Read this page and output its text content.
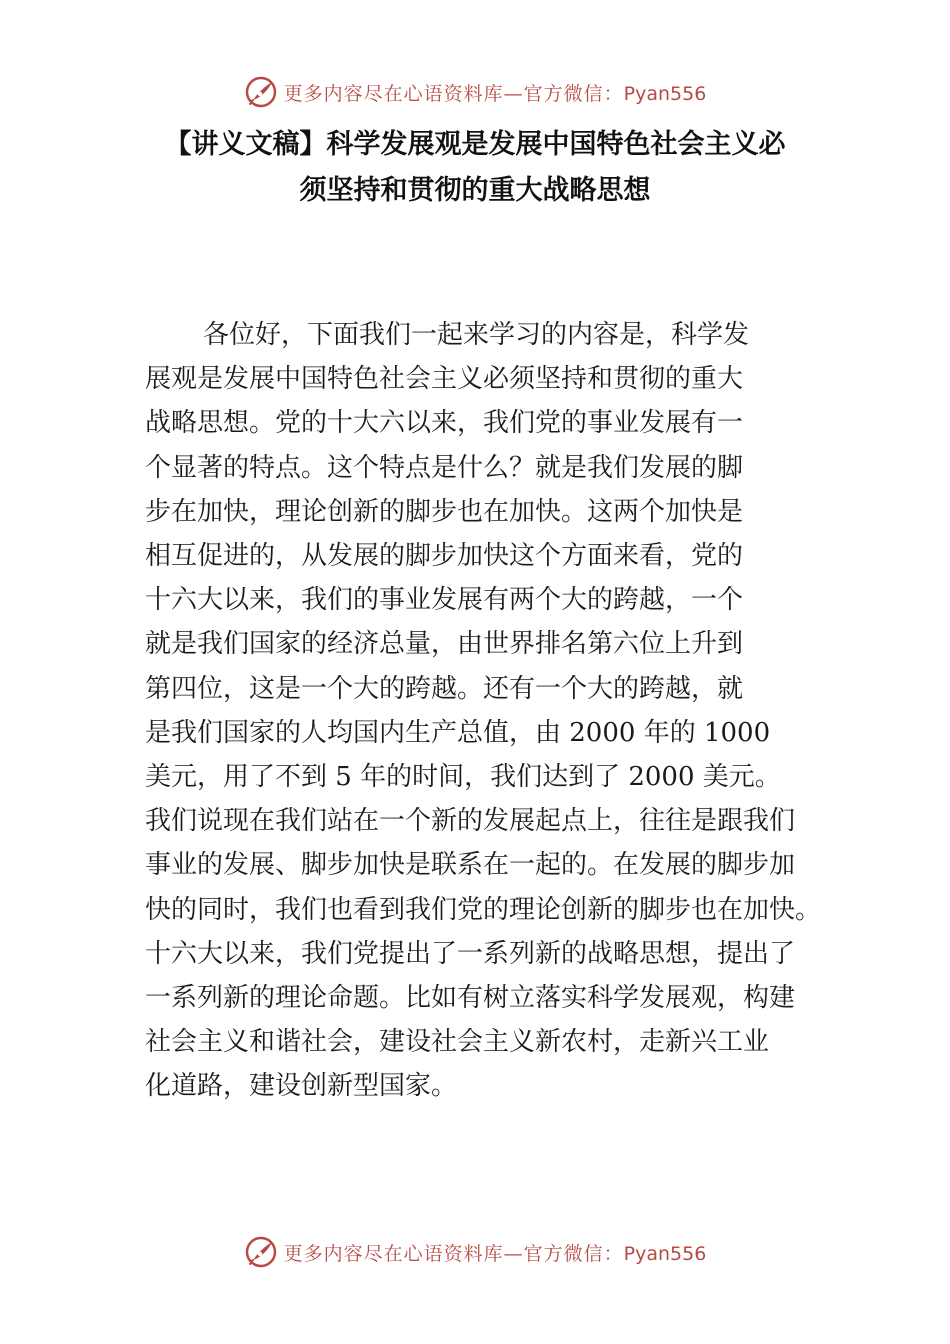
更多内容尽在心语资料库—官方微信：Pyan556
【讲义文稿】科学发展观是发展中国特色社会主义必
须坚持和贯彻的重大战略思想

各位好，下面我们一起来学习的内容是，科学发
展观是发展中国特色社会主义必须坚持和贯彻的重大
战略思想。党的十大六以来，我们党的事业发展有一
个显著的特点。这个特点是什么？就是我们发展的脚
步在加快，理论创新的脚步也在加快。这两个加快是
相互促进的，从发展的脚步加快这个方面来看，党的
十六大以来，我们的事业发展有两个大的跨越，一个
就是我们国家的经济总量，由世界排名第六位上升到
第四位，这是一个大的跨越。还有一个大的跨越，就
是我们国家的人均国内生产总值，由 2000 年的 1000
美元，用了不到 5 年的时间，我们达到了 2000 美元。
我们说现在我们站在一个新的发展起点上，往往是跟我们
事业的发展、脚步加快是联系在一起的。在发展的脚步加
快的同时，我们也看到我们党的理论创新的脚步也在加快。
十六大以来，我们党提出了一系列新的战略思想，提出了
一系列新的理论命题。比如有树立落实科学发展观，构建
社会主义和谐社会，建设社会主义新农村，走新兴工业
化道路，建设创新型国家。

更多内容尽在心语资料库—官方微信：Pyan556
